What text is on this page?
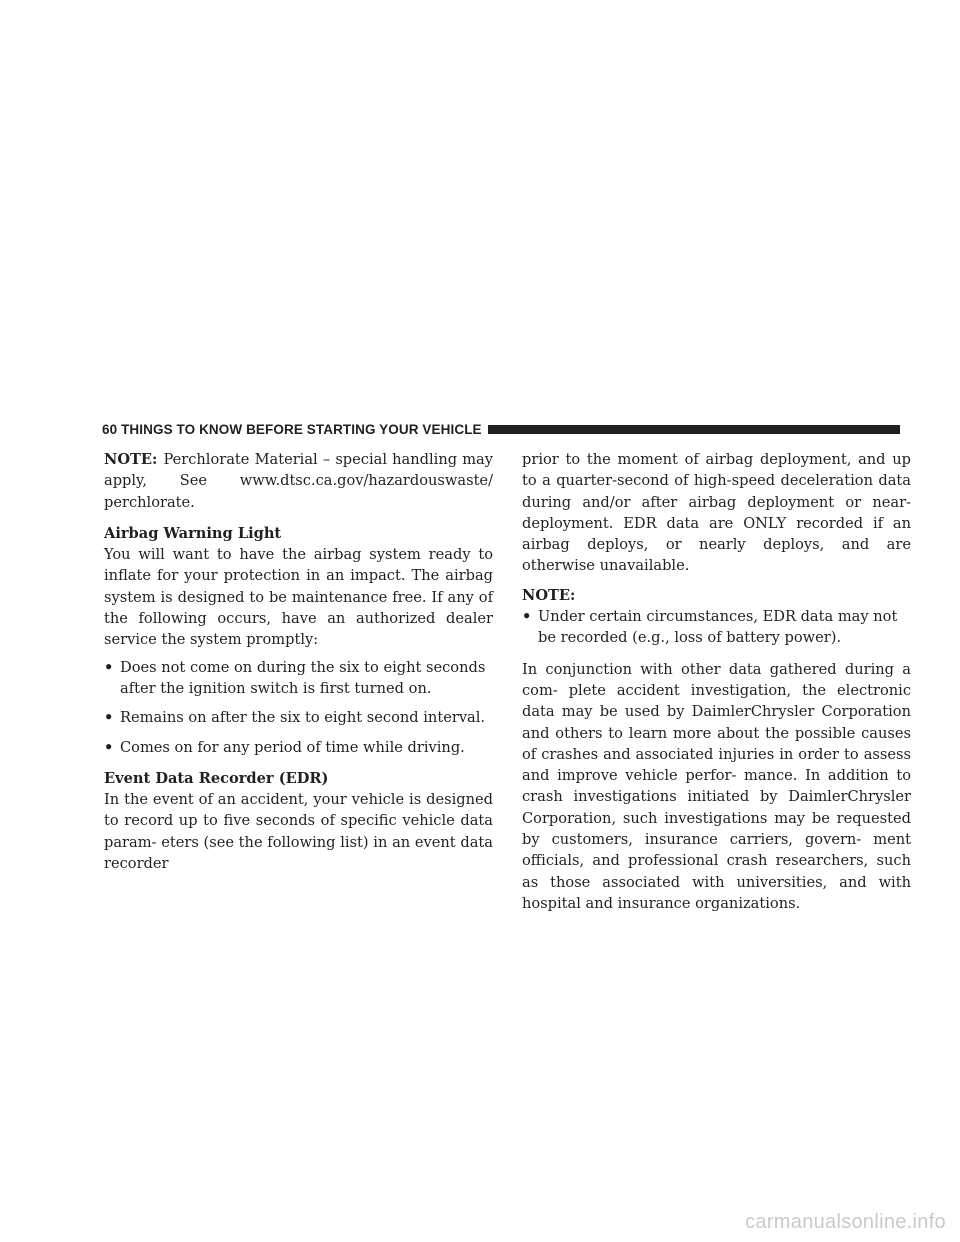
60 THINGS TO KNOW BEFORE STARTING YOUR VEHICLE

NOTE: Perchlorate Material – special handling may apply, See www.dtsc.ca.gov/hazardouswaste/ perchlorate.

Airbag Warning Light

You will want to have the airbag system ready to inflate for your protection in an impact. The airbag system is designed to be maintenance free. If any of the following occurs, have an authorized dealer service the system promptly:

• Does not come on during the six to eight seconds after the ignition switch is first turned on.
• Remains on after the six to eight second interval.
• Comes on for any period of time while driving.

Event Data Recorder (EDR)

In the event of an accident, your vehicle is designed to record up to five seconds of specific vehicle data param- eters (see the following list) in an event data recorder

prior to the moment of airbag deployment, and up to a quarter-second of high-speed deceleration data during and/or after airbag deployment or near-deployment. EDR data are ONLY recorded if an airbag deploys, or nearly deploys, and are otherwise unavailable.

NOTE:

• Under certain circumstances, EDR data may not be recorded (e.g., loss of battery power).

In conjunction with other data gathered during a com- plete accident investigation, the electronic data may be used by DaimlerChrysler Corporation and others to learn more about the possible causes of crashes and associated injuries in order to assess and improve vehicle perfor- mance. In addition to crash investigations initiated by DaimlerChrysler Corporation, such investigations may be requested by customers, insurance carriers, govern- ment officials, and professional crash researchers, such as those associated with universities, and with hospital and insurance organizations.

carmanualsonline.info
